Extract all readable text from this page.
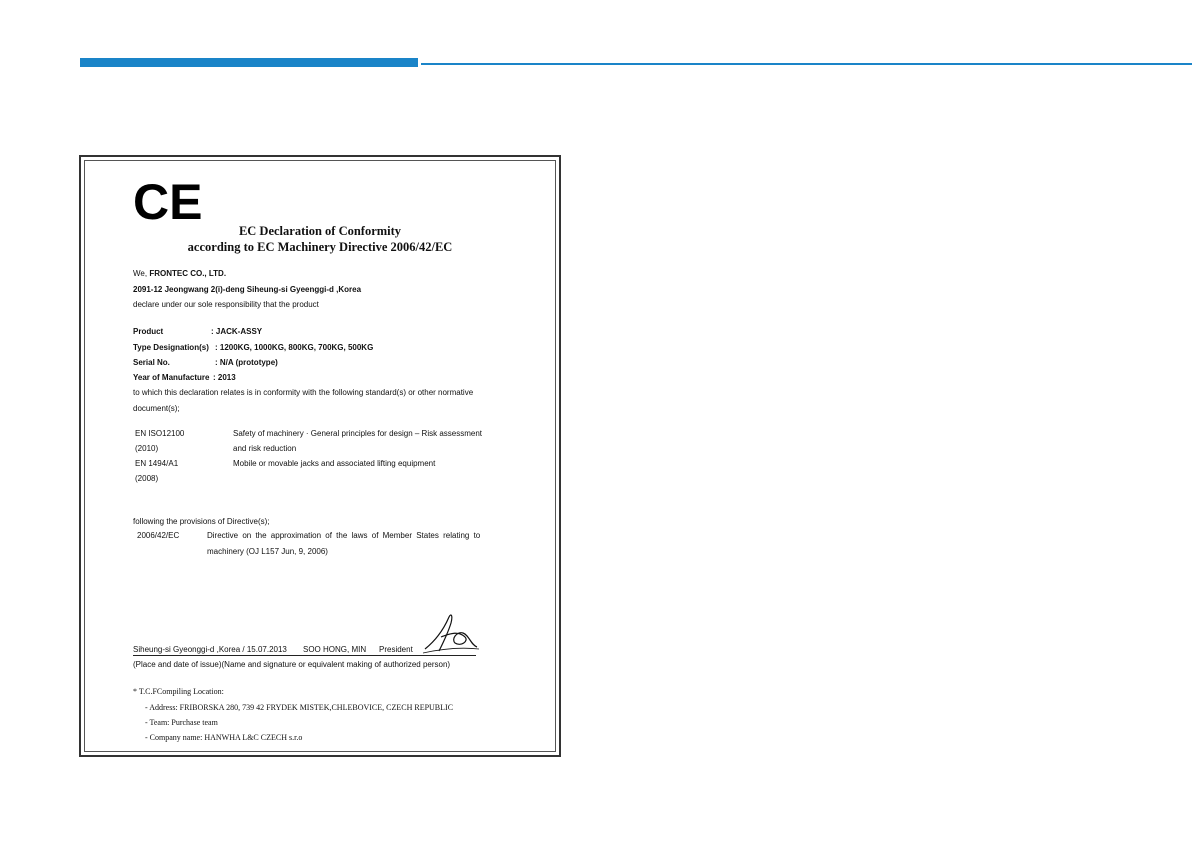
CE
EC Declaration of Conformity
according to EC Machinery Directive 2006/42/EC
We, FRONTEC CO., LTD.
2091-12 Jeongwang 2(i)-deng Siheung-si Gyeenggi-d ,Korea
declare under our sole responsibility that the product
Product	: JACK-ASSY
Type Designation(s) : 1200KG, 1000KG, 800KG, 700KG, 500KG
Serial No.	: N/A (prototype)
Year of Manufacture : 2013
to which this declaration relates is in conformity with the following standard(s) or other normative
document(s);
EN ISO12100	Safety of machinery · General principles for design – Risk assessment
(2010)	and risk reduction
EN 1494/A1	Mobile or movable jacks and associated lifting equipment
(2008)
following the provisions of Directive(s);
2006/42/EC	Directive on the approximation of the laws of Member States relating to
machinery (OJ L157 Jun, 9, 2006)
Siheung-si Gyeonggi-d ,Korea / 15.07.2013 SOO HONG, MIN President
(Place and date of issue)(Name and signature or equivalent making of authorized person)
* T.C.FCompiling Location:
- Address: FRIBORSKA 280, 739 42 FRYDEK MISTEK,CHLEBOVICE, CZECH REPUBLIC
- Team: Purchase team
- Company name: HANWHA L&C CZECH s.r.o
